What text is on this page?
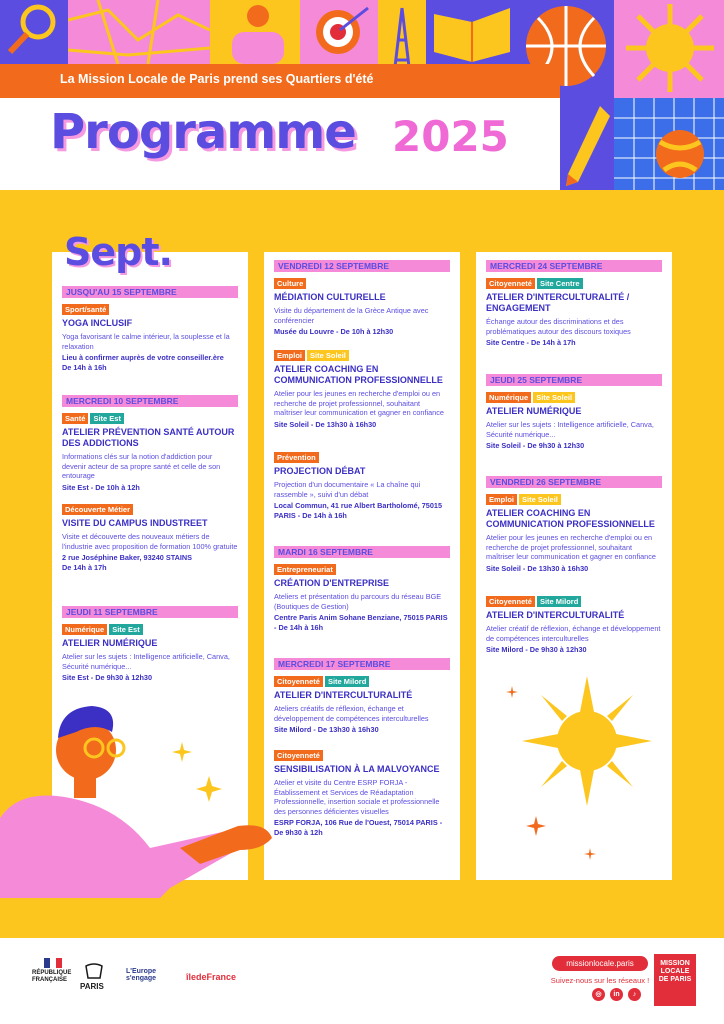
La Mission Locale de Paris prend ses Quartiers d'été
Programme 2025
JUSQU'AU 15 SEPTEMBRE
Sport/santé
YOGA INCLUSIF
Yoga favorisant le calme intérieur, la souplesse et la relaxation
Lieu à confirmer auprès de votre conseiller.ère
De 14h à 16h
MERCREDI 10 SEPTEMBRE
Santé	Site Est
ATELIER PRÉVENTION SANTÉ AUTOUR DES ADDICTIONS
Informations clés sur la notion d'addiction pour devenir acteur de sa propre santé et celle de son entourage
Site Est - De 10h à 12h
Découverte Métier
VISITE DU CAMPUS INDUSTREET
Visite et découverte des nouveaux métiers de l'industrie avec proposition de formation 100% gratuite
2 rue Joséphine Baker, 93240 STAINS
De 14h à 17h
JEUDI 11 SEPTEMBRE
Numérique	Site Est
ATELIER NUMÉRIQUE
Atelier sur les sujets : Intelligence artificielle, Canva, Sécurité numérique...
Site Est - De 9h30 à 12h30
VENDREDI 12 SEPTEMBRE
Culture
MÉDIATION CULTURELLE
Visite du département de la Grèce Antique avec conférencier
Musée du Louvre - De 10h à 12h30
Emploi	Site Soleil
ATELIER COACHING EN COMMUNICATION PROFESSIONNELLE
Atelier pour les jeunes en recherche d'emploi ou en recherche de projet professionnel, souhaitant maîtriser leur communication et gagner en confiance
Site Soleil - De 13h30 à 16h30
Prévention
PROJECTION DÉBAT
Projection d'un documentaire « La chaîne qui rassemble », suivi d'un débat
Local Commun, 41 rue Albert Bartholomé, 75015 PARIS - De 14h à 16h
MARDI 16 SEPTEMBRE
Entrepreneuriat
CRÉATION D'ENTREPRISE
Ateliers et présentation du parcours du réseau BGE (Boutiques de Gestion)
Centre Paris Anim Sohane Benziane, 75015 PARIS - De 14h à 16h
MERCREDI 17 SEPTEMBRE
Citoyenneté	Site Milord
ATELIER D'INTERCULTURALITÉ
Ateliers créatifs de réflexion, échange et développement de compétences interculturelles
Site Milord - De 13h30 à 16h30
Citoyenneté
SENSIBILISATION À LA MALVOYANCE
Atelier et visite du Centre ESRP FORJA - Établissement et Services de Réadaptation Professionnelle, insertion sociale et professionnelle des personnes déficientes visuelles
ESRP FORJA, 106 Rue de l'Ouest, 75014 PARIS - De 9h30 à 12h
MERCREDI 24 SEPTEMBRE
Citoyenneté	Site Centre
ATELIER D'INTERCULTURALITÉ / ENGAGEMENT
Échange autour des discriminations et des problématiques autour des discours toxiques
Site Centre - De 14h à 17h
JEUDI 25 SEPTEMBRE
Numérique	Site Soleil
ATELIER NUMÉRIQUE
Atelier sur les sujets : Intelligence artificielle, Canva, Sécurité numérique...
Site Soleil - De 9h30 à 12h30
VENDREDI 26 SEPTEMBRE
Emploi	Site Soleil
ATELIER COACHING EN COMMUNICATION PROFESSIONNELLE
Atelier pour les jeunes en recherche d'emploi ou en recherche de projet professionnel, souhaitant maîtriser leur communication et gagner en confiance
Site Soleil - De 13h30 à 16h30
Citoyenneté	Site Milord
ATELIER D'INTERCULTURALITÉ
Atelier créatif de réflexion, échange et développement de compétences interculturelles
Site Milord - De 9h30 à 12h30
Sept.
RÉPUBLIQUE
FRANÇAISE
PARIS
L'Europe s'engage	îledeFrance
missionlocale.paris
Suivez-nous sur les réseaux !
◎	in	♪
MISSION
LOCALE
DE PARIS
